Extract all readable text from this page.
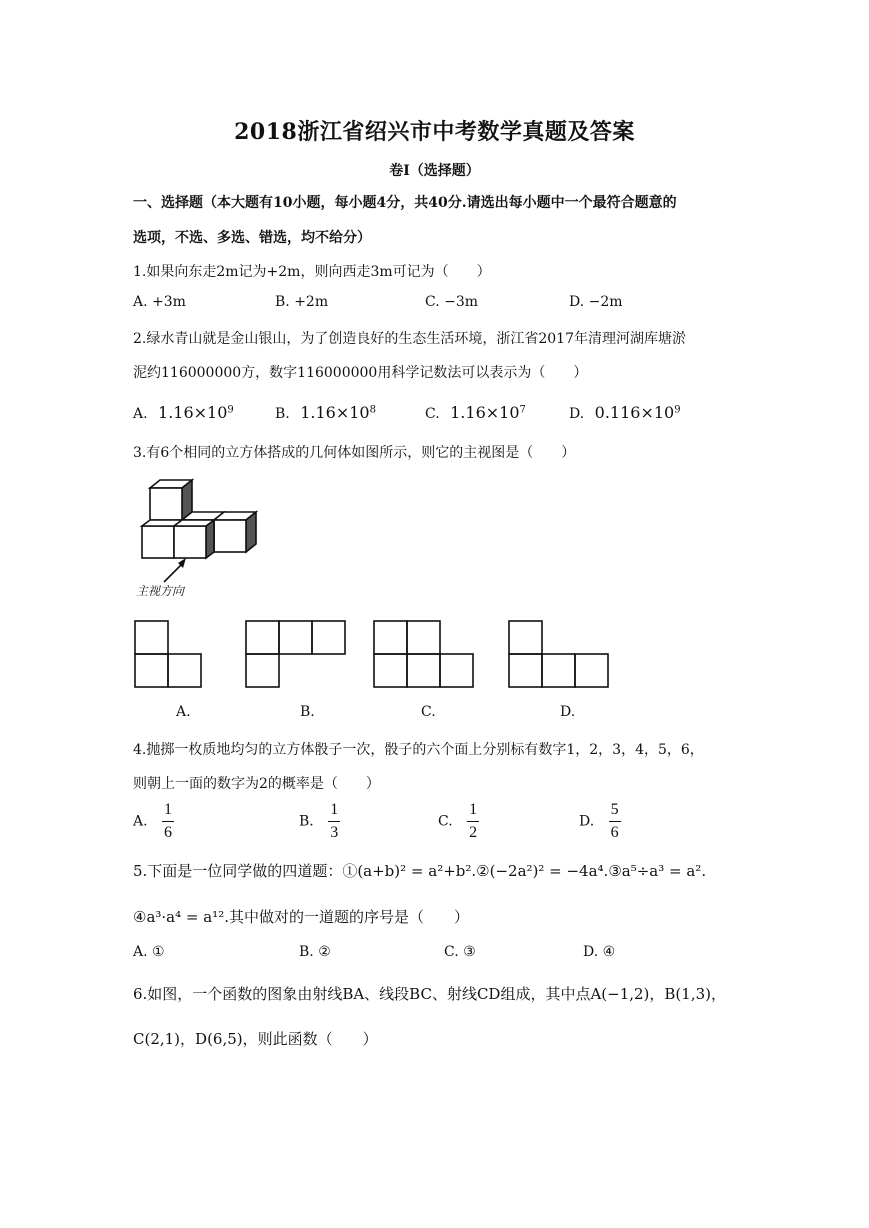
2018浙江省绍兴市中考数学真题及答案
卷Ⅰ（选择题）
一、选择题（本大题有10小题，每小题4分，共40分.请选出每小题中一个最符合题意的
选项，不选、多选、错选，均不给分）
1.如果向东走2m记为+2m，则向西走3m可记为（　　）
A. +3m	B. +2m	C. −3m	D. −2m
2.绿水青山就是金山银山，为了创造良好的生态生活环境，浙江省2017年清理河湖库塘淤
泥约116000000方，数字116000000用科学记数法可以表示为（　　）
A. $1.16\times 10^9$	B. $1.16\times 10^8$	C. $1.16\times 10^7$	D. $0.116\times 10^9$
3.有6个相同的立方体搭成的几何体如图所示，则它的主视图是（　　）
主视方向
A.	B.	C.	D.
4.抛掷一枚质地均匀的立方体骰子一次，骰子的六个面上分别标有数字1，2，3，4，5，6，
则朝上一面的数字为2的概率是（　　）
A. $\frac{1}{6}$	B. $\frac{1}{3}$	C. $\frac{1}{2}$	D. $\frac{5}{6}$
5.下面是一位同学做的四道题：①(a+b)² = a²+b².②(−2a²)² = −4a⁴.③a⁵÷a³ = a².
④a³·a⁴ = a¹².其中做对的一道题的序号是（　　）
A. ①	B. ②	C. ③	D. ④
6.如图，一个函数的图象由射线BA、线段BC、射线CD组成，其中点A(−1,2)，B(1,3)，
C(2,1)，D(6,5)，则此函数（　　）
